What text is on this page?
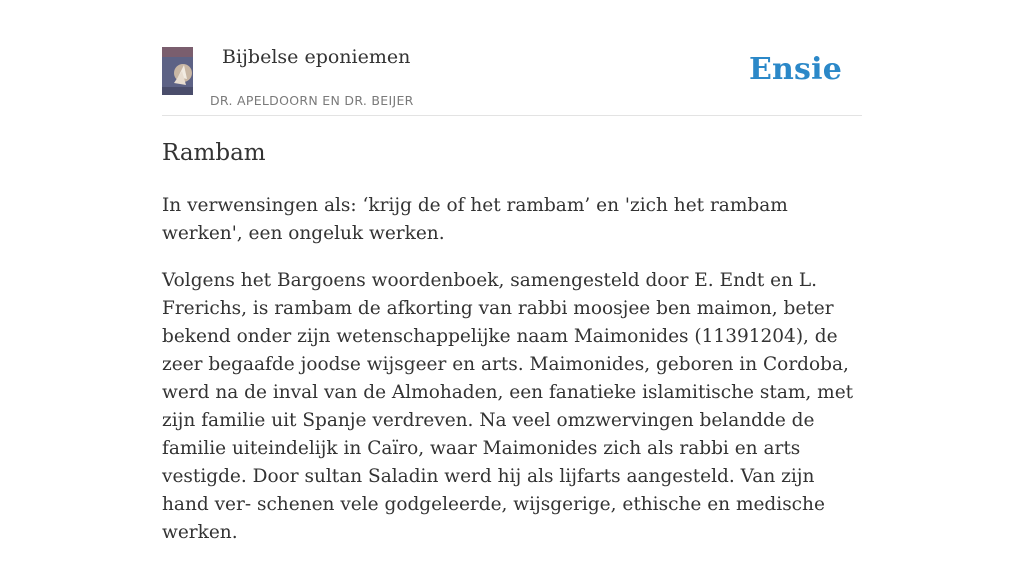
Bijbelse eponiemen
DR. APELDOORN EN DR. BEIJER
Ensie
Rambam

In verwensingen als: ‘krijg de of het rambam’ en 'zich het rambam werken', een ongeluk werken.

Volgens het Bargoens woordenboek, samengesteld door E. Endt en L. Frerichs, is rambam de afkorting van rabbi moosjee ben maimon, beter bekend onder zijn wetenschappelijke naam Maimonides (11391204), de zeer begaafde joodse wijsgeer en arts. Maimonides, geboren in Cordoba, werd na de inval van de Almohaden, een fanatieke islamitische stam, met zijn familie uit Spanje verdreven. Na veel omzwervingen belandde de familie uiteindelijk in Caïro, waar Maimonides zich als rabbi en arts vestigde. Door sultan Saladin werd hij als lijfarts aangesteld. Van zijn hand ver- schenen vele godgeleerde, wijsgerige, ethische en medische werken.
